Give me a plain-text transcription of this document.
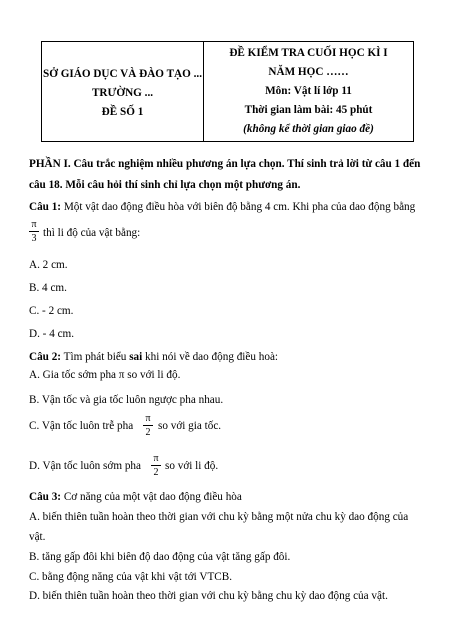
SỞ GIÁO DỤC VÀ ĐÀO TẠO ...
TRƯỜNG ...
ĐỀ SỐ 1
ĐỀ KIỂM TRA CUỐI HỌC KÌ I
NĂM HỌC ……
Môn: Vật lí lớp 11
Thời gian làm bài: 45 phút
(không kể thời gian giao đề)
PHẦN I. Câu trắc nghiệm nhiều phương án lựa chọn. Thí sinh trả lời từ câu 1 đến
câu 18. Mỗi câu hỏi thí sinh chỉ lựa chọn một phương án.
Câu 1: Một vật dao động điều hòa với biên độ bằng 4 cm. Khi pha của dao động bằng
π
3 thì li độ của vật bằng:
A. 2 cm.
B. 4 cm.
C. - 2 cm.
D. - 4 cm.
Câu 2: Tìm phát biểu sai khi nói về dao động điều hoà:
A. Gia tốc sớm pha π so với li độ.
B. Vận tốc và gia tốc luôn ngược pha nhau.
C. Vận tốc luôn trễ pha
π
2
so với gia tốc.
D. Vận tốc luôn sớm pha
π
2
so với li độ.
Câu 3: Cơ năng của một vật dao động điều hòa
A. biến thiên tuần hoàn theo thời gian với chu kỳ bằng một nửa chu kỳ dao động của
vật.
B. tăng gấp đôi khi biên độ dao động của vật tăng gấp đôi.
C. bằng động năng của vật khi vật tới VTCB.
D. biến thiên tuần hoàn theo thời gian với chu kỳ bằng chu kỳ dao động của vật.
